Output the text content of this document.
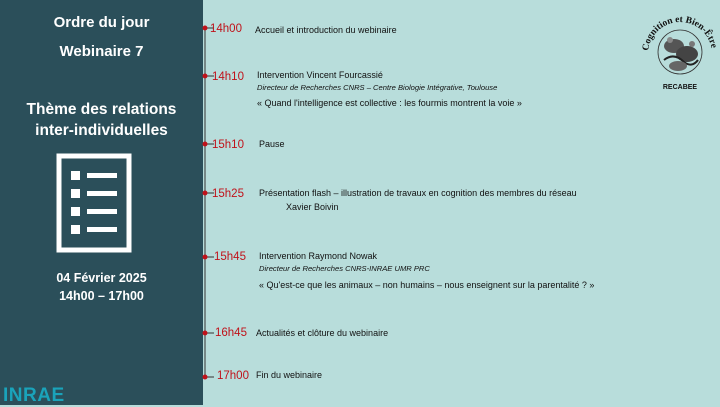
Ordre du jour
Webinaire 7
Thème des relations inter-individuelles
04 Février 2025
14h00 – 17h00
INRAE
14h00 Accueil et introduction du webinaire
14h10 Intervention Vincent Fourcassié
Directeur de Recherches CNRS – Centre Biologie Intégrative, Toulouse
« Quand l'intelligence est collective : les fourmis montrent la voie »
15h10 Pause
15h25 Présentation flash – illustration de travaux en cognition des membres du réseau
Xavier Boivin
15h45 Intervention Raymond Nowak
Directeur de Recherches CNRS-INRAE UMR PRC
« Qu'est-ce que les animaux – non humains – nous enseignent sur la parentalité ? »
16h45 Actualités et clôture du webinaire
17h00 Fin du webinaire
Cognition et Bien-Être
RECABEE
